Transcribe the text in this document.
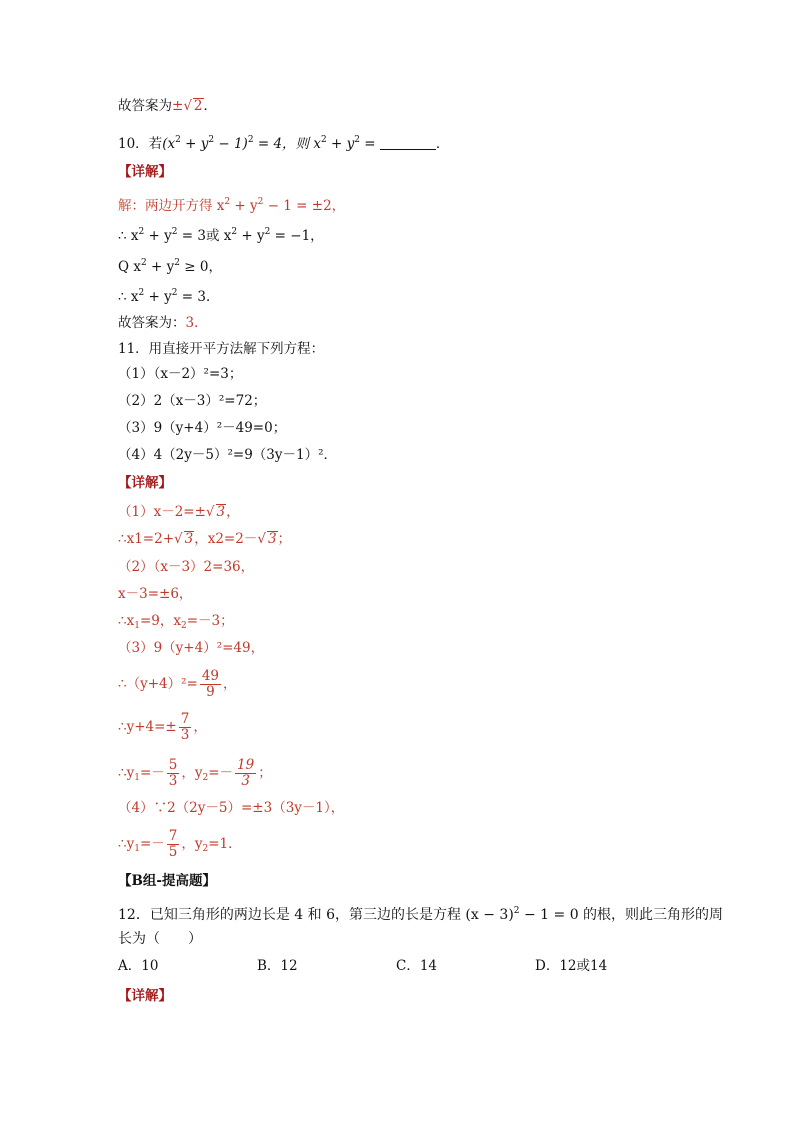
故答案为±√ 2．
10．若$(x^2 + y^2 - 1)^2 = 4$，则 $x^2 + y^2$ =	．
【详解】
解：两边开方得 $x^2 + y^2 - 1 = \pm 2$，
∴ $x^2 + y^2 = 3$或 $x^2 + y^2 = -1$，
Q $x^2 + y^2 \ge 0$，
∴ $x^2 + y^2 = 3$．
故答案为：3．
11．用直接开平方法解下列方程：
（1）（x－2）²=3；
（2）2（x－3）²=72；
（3）9（y+4）²－49=0；
（4）4（2y－5）²=9（3y－1）²．
【详解】
（1）x－2=±√ 3，
∴x1=2+√ 3，x2=2－√ 3；
（2）（x－3）2=36，
x－3=±6，
$\therefore x_1=9$，$x_2=-3$；
（3）9（y+4）²=49，
∴（y+4）²= $\frac{49}{9}$ ，
∴y+4=± $\frac{7}{3}$ ，
$\therefore y_1=- \frac{5}{3}$ ，$y_2=- \frac{19}{3}$ ；
（4）∵2（2y－5）=±3（3y－1），
$\therefore y_1=- \frac{7}{5}$ ，$y_2=1$．
【B组-提高题】
12．已知三角形的两边长是 4 和 6，第三边的长是方程 $(x - 3)^2 - 1 = 0$ 的根，则此三角形的周
长为（　　）
A．10	B．12	C．14	D．12或14
【详解】
